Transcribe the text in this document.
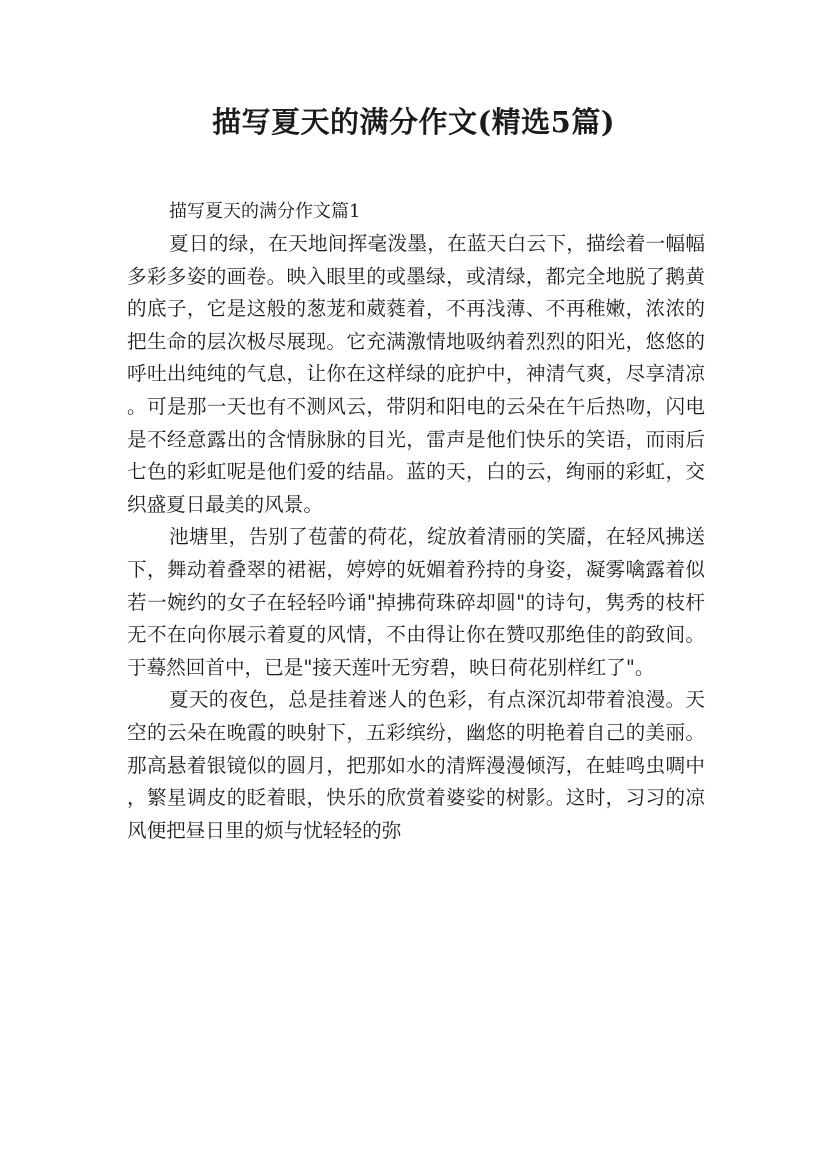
描写夏天的满分作文(精选5篇)
描写夏天的满分作文篇1

夏日的绿，在天地间挥毫泼墨，在蓝天白云下，描绘着一幅幅多彩多姿的画卷。映入眼里的或墨绿，或清绿，都完全地脱了鹅黄的底子，它是这般的葱茏和葳蕤着，不再浅薄、不再稚嫩，浓浓的把生命的层次极尽展现。它充满激情地吸纳着烈烈的阳光，悠悠的呼吐出纯纯的气息，让你在这样绿的庇护中，神清气爽，尽享清凉。可是那一天也有不测风云，带阴和阳电的云朵在午后热吻，闪电是不经意露出的含情脉脉的目光，雷声是他们快乐的笑语，而雨后七色的彩虹呢是他们爱的结晶。蓝的天，白的云，绚丽的彩虹，交织盛夏日最美的风景。

池塘里，告别了苞蕾的荷花，绽放着清丽的笑靥，在轻风拂送下，舞动着叠翠的裙裾，婷婷的妩媚着矜持的身姿，凝雾噙露着似若一婉约的女子在轻轻吟诵"掉拂荷珠碎却圆"的诗句，隽秀的枝杆无不在向你展示着夏的风情，不由得让你在赞叹那绝佳的韵致间。于蓦然回首中，已是"接天莲叶无穷碧，映日荷花别样红了"。

夏天的夜色，总是挂着迷人的色彩，有点深沉却带着浪漫。天空的云朵在晚霞的映射下，五彩缤纷，幽悠的明艳着自己的美丽。那高悬着银镜似的圆月，把那如水的清辉漫漫倾泻，在蛙鸣虫啁中，繁星调皮的眨着眼，快乐的欣赏着婆娑的树影。这时，习习的凉风便把昼日里的烦与忧轻轻的弥
